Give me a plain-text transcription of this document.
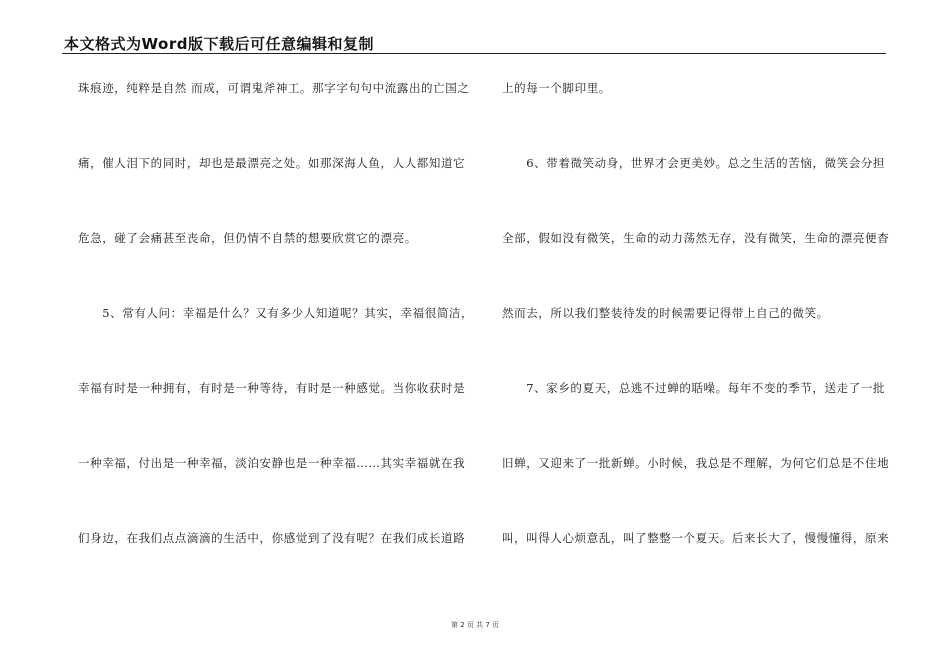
本文格式为Word版下载后可任意编辑和复制
珠痕迹，纯粹是自然 而成，可谓鬼斧神工。那字字句句中流露出的亡国之
痛，催人泪下的同时，却也是最漂亮之处。如那深海人鱼，人人都知道它
危急，碰了会痛甚至丧命，但仍情不自禁的想要欣赏它的漂亮。
　　5、常有人问：幸福是什么？又有多少人知道呢？其实，幸福很简洁，
幸福有时是一种拥有，有时是一种等待，有时是一种感觉。当你收获时是
一种幸福，付出是一种幸福，淡泊安静也是一种幸福……其实幸福就在我
们身边，在我们点点滴滴的生活中，你感觉到了没有呢？在我们成长道路
上的每一个脚印里。
　　6、带着微笑动身，世界才会更美妙。总之生活的苦恼，微笑会分担
全部，假如没有微笑，生命的动力荡然无存，没有微笑，生命的漂亮便杳
然而去，所以我们整装待发的时候需要记得带上自己的微笑。
　　7、家乡的夏天，总逃不过蝉的聒噪。每年不变的季节，送走了一批
旧蝉，又迎来了一批新蝉。小时候，我总是不理解，为何它们总是不住地
叫，叫得人心烦意乱，叫了整整一个夏天。后来长大了，慢慢懂得，原来
第 2 页 共 7 页
